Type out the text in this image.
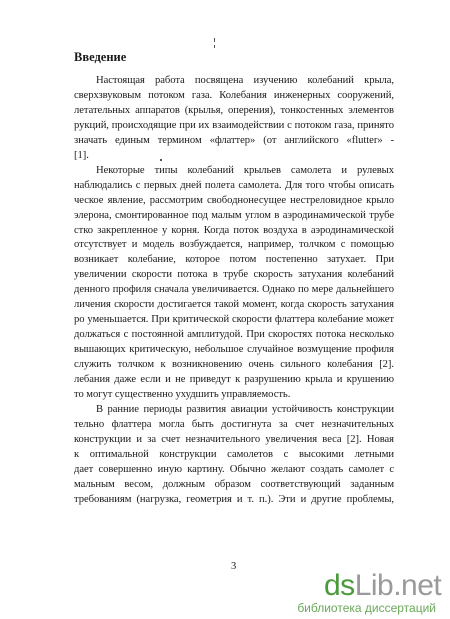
Введение
Настоящая работа посвящена изучению колебаний крыла,
сверхзвуковым потоком газа. Колебания инженерных сооружений,
летательных аппаратов (крылья, оперения), тонкостенных элементов
рукций, происходящие при их взаимодействии с потоком газа, принято
значать единым термином «флаттер» (от английского «flutter» -
[1].
Некоторые типы колебаний крыльев самолета и рулевых
наблюдались с первых дней полета самолета. Для того чтобы описать
ческое явление, рассмотрим свободнонесущее нестреловидное крыло
элерона, смонтированное под малым углом в аэродинамической трубе
стко закрепленное у корня. Когда поток воздуха в аэродинамической
отсутствует и модель возбуждается, например, толчком с помощью
возникает колебание, которое потом постепенно затухает. При
увеличении скорости потока в трубе скорость затухания колебаний
денного профиля сначала увеличивается. Однако по мере дальнейшего
личения скорости достигается такой момент, когда скорость затухания
ро уменьшается. При критической скорости флаттера колебание может
должаться с постоянной амплитудой. При скоростях потока несколько
вышающих критическую, небольшое случайное возмущение профиля
служить толчком к возникновению очень сильного колебания [2].
лебания даже если и не приведут к разрушению крыла и крушению
то могут существенно ухудшить управляемость.
В ранние периоды развития авиации устойчивость конструкции
тельно флаттера могла быть достигнута за счет незначительных
конструкции и за счет незначительного увеличения веса [2]. Новая
к оптимальной конструкции самолетов с высокими летными
дает совершенно иную картину. Обычно желают создать самолет с
мальным весом, должным образом соответствующий заданным
требованиям (нагрузка, геометрия и т. п.). Эти и другие проблемы,
3
dsLib.net
библиотека диссертаций
